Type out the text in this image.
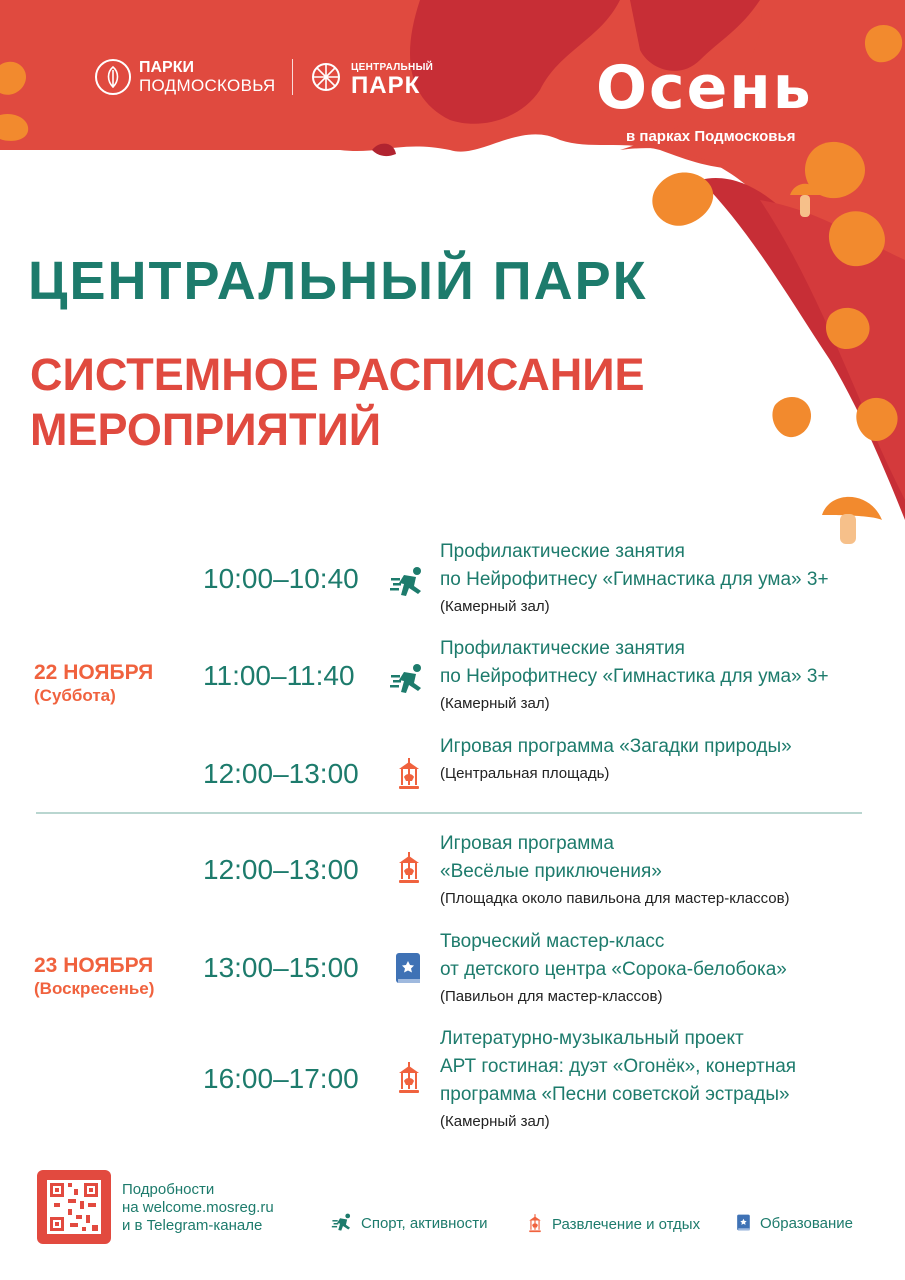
ПАРКИ
ПОДМОСКОВЬЯ
ЦЕНТРАЛЬНЫЙ
ПАРК	Осень
в парках Подмосковья
ЦЕНТРАЛЬНЫЙ ПАРК
СИСТЕМНОЕ РАСПИСАНИЕ
МЕРОПРИЯТИЙ
22 НОЯБРЯ
(Суббота)
10:00–10:40
Профилактические занятия
по Нейрофитнесу «Гимнастика для ума» 3+
(Камерный зал)
11:00–11:40
Профилактические занятия
по Нейрофитнесу «Гимнастика для ума» 3+
(Камерный зал)
12:00–13:00
Игровая программа «Загадки природы»
(Центральная площадь)
23 НОЯБРЯ
(Воскресенье)
12:00–13:00
Игровая программа
«Весёлые приключения»
(Площадка около павильона для мастер-классов)
13:00–15:00
Творческий мастер-класс
от детского центра «Сорока-белобока»
(Павильон для мастер-классов)
16:00–17:00
Литературно-музыкальный проект
АРТ гостиная: дуэт «Огонёк», конертная
программа «Песни советской эстрады»
(Камерный зал)
Подробности
на welcome.mosreg.ru
и в Telegram-канале	Спорт, активности	Развлечение и отдых	Образование
